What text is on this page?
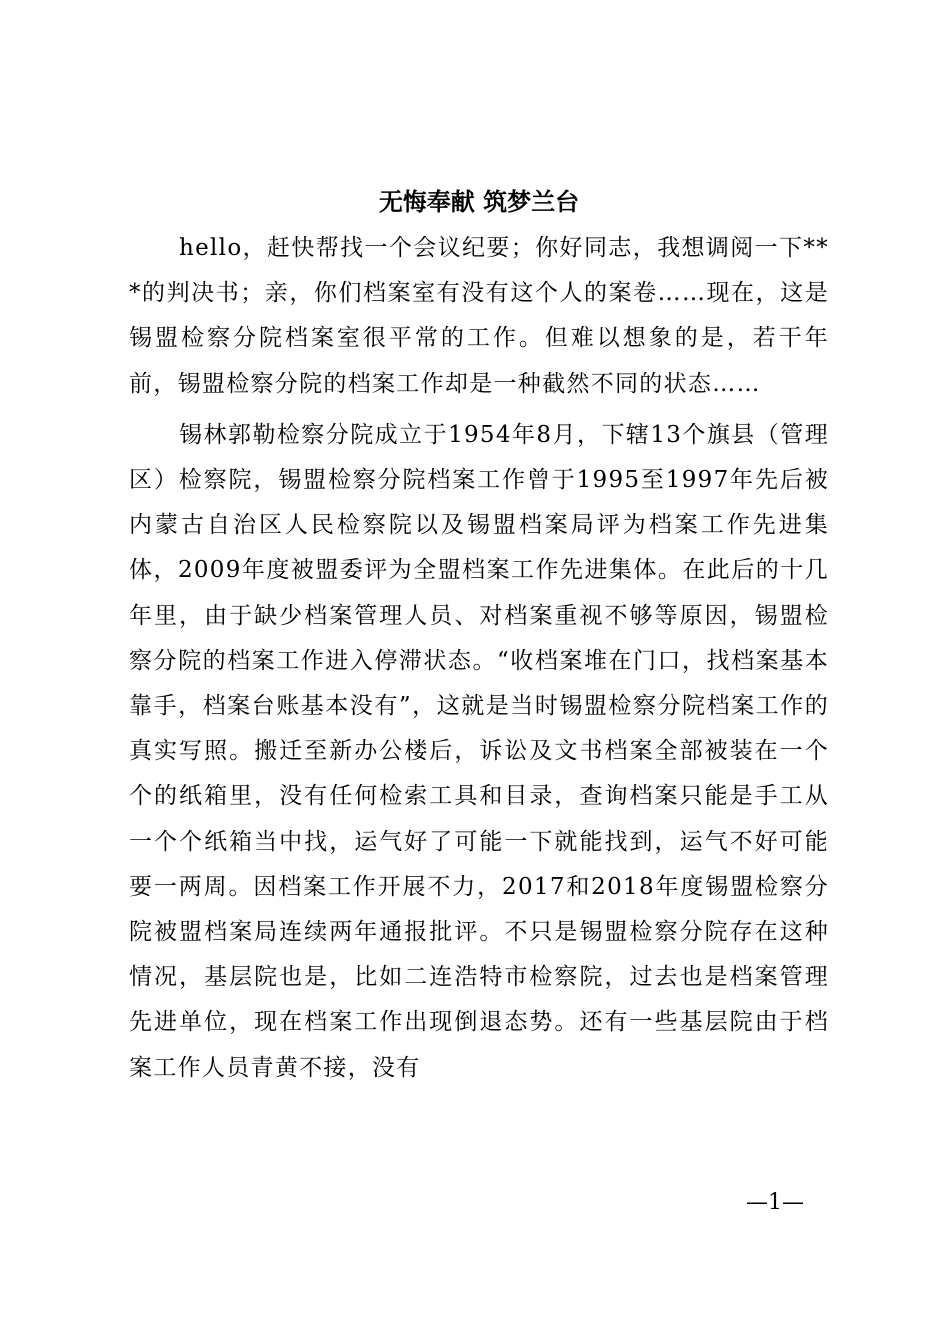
无悔奉献 筑梦兰台

hello，赶快帮找一个会议纪要；你好同志，我想调阅一下***的判决书；亲，你们档案室有没有这个人的案卷……现在，这是锡盟检察分院档案室很平常的工作。但难以想象的是，若干年前，锡盟检察分院的档案工作却是一种截然不同的状态……

锡林郭勒检察分院成立于1954年8月，下辖13个旗县（管理区）检察院，锡盟检察分院档案工作曾于1995至1997年先后被内蒙古自治区人民检察院以及锡盟档案局评为档案工作先进集体，2009年度被盟委评为全盟档案工作先进集体。在此后的十几年里，由于缺少档案管理人员、对档案重视不够等原因，锡盟检察分院的档案工作进入停滞状态。“收档案堆在门口，找档案基本靠手，档案台账基本没有”，这就是当时锡盟检察分院档案工作的真实写照。搬迁至新办公楼后，诉讼及文书档案全部被装在一个个的纸箱里，没有任何检索工具和目录，查询档案只能是手工从一个个纸箱当中找，运气好了可能一下就能找到，运气不好可能要一两周。因档案工作开展不力，2017和2018年度锡盟检察分院被盟档案局连续两年通报批评。不只是锡盟检察分院存在这种情况，基层院也是，比如二连浩特市检察院，过去也是档案管理先进单位，现在档案工作出现倒退态势。还有一些基层院由于档案工作人员青黄不接，没有

—1—
